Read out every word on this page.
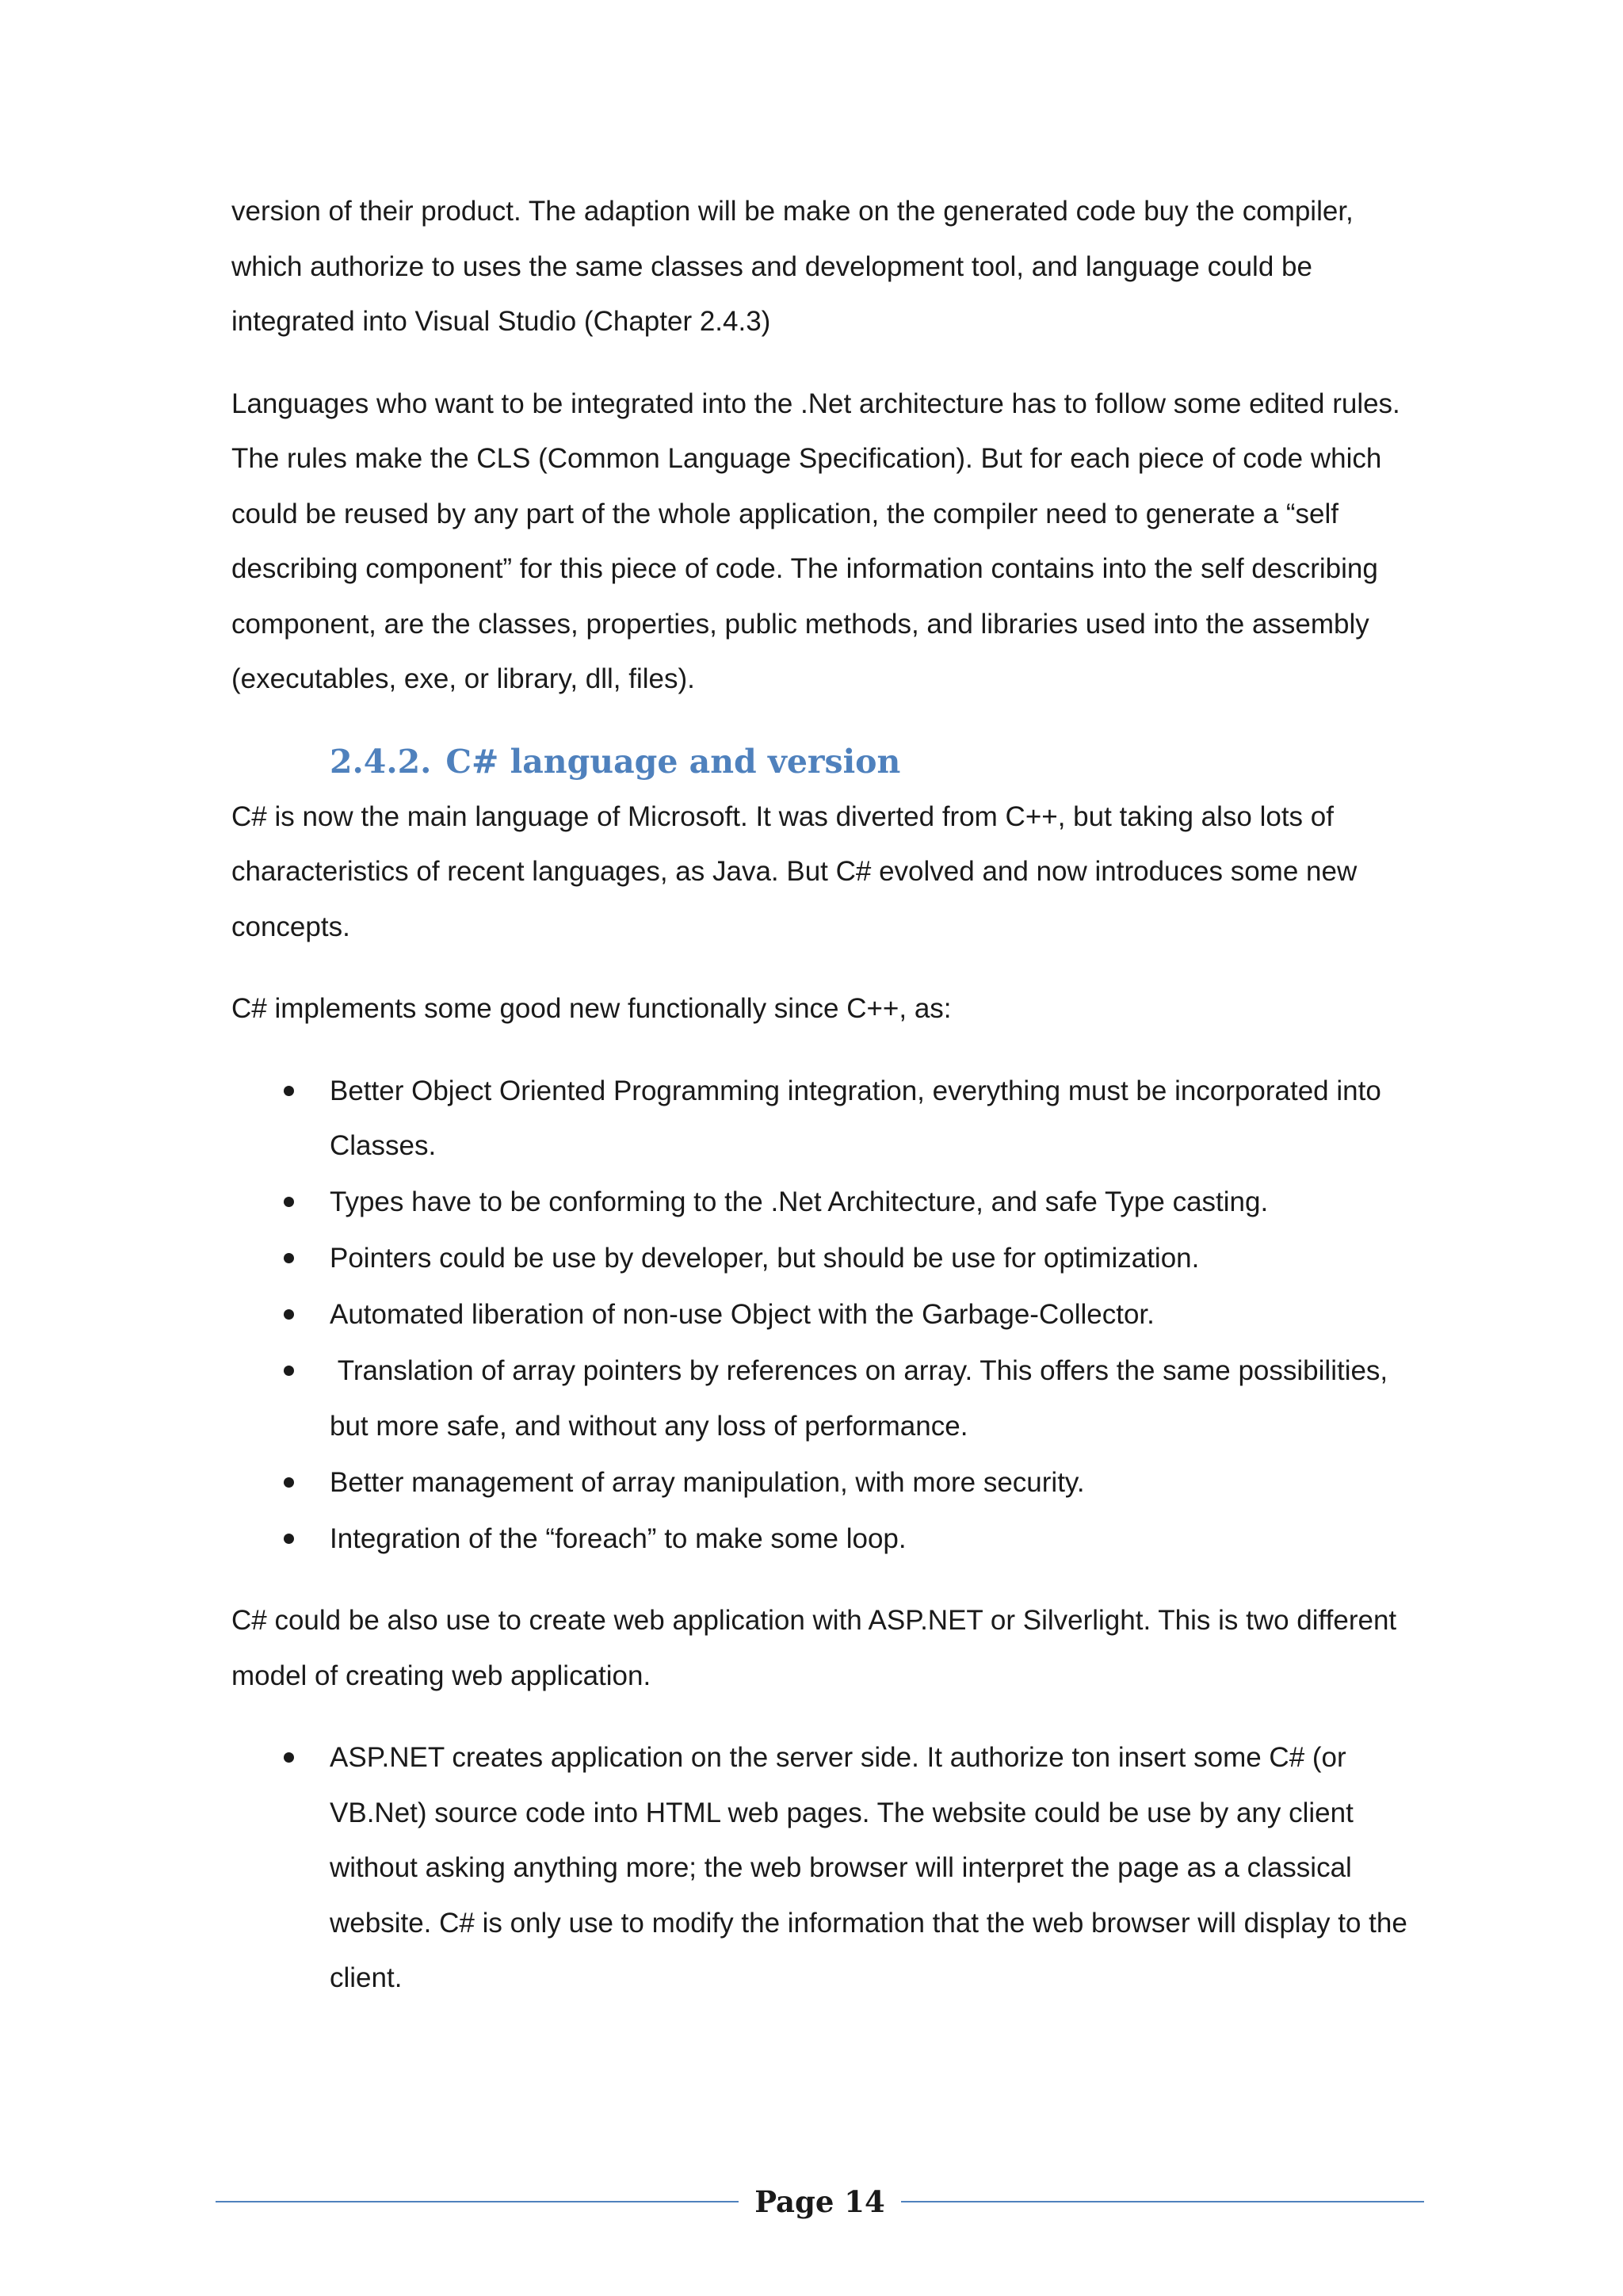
version of their product. The adaption will be make on the generated code buy the compiler, which authorize to uses the same classes and development tool, and language could be integrated into Visual Studio (Chapter 2.4.3)

Languages who want to be integrated into the .Net architecture has to follow some edited rules. The rules make the CLS (Common Language Specification). But for each piece of code which could be reused by any part of the whole application, the compiler need to generate a “self describing component” for this piece of code. The information contains into the self describing component, are the classes, properties, public methods, and libraries used into the assembly (executables, exe, or library, dll, files).

2.4.2. C# language and version

C# is now the main language of Microsoft. It was diverted from C++, but taking also lots of characteristics of recent languages, as Java. But C# evolved and now introduces some new concepts.

C# implements some good new functionally since C++, as:

Better Object Oriented Programming integration, everything must be incorporated into Classes.
Types have to be conforming to the .Net Architecture, and safe Type casting.
Pointers could be use by developer, but should be use for optimization.
Automated liberation of non-use Object with the Garbage-Collector.
Translation of array pointers by references on array. This offers the same possibilities, but more safe, and without any loss of performance.
Better management of array manipulation, with more security.
Integration of the “foreach” to make some loop.

C# could be also use to create web application with ASP.NET or Silverlight. This is two different model of creating web application.

ASP.NET creates application on the server side. It authorize ton insert some C# (or VB.Net) source code into HTML web pages. The website could be use by any client without asking anything more; the web browser will interpret the page as a classical website. C# is only use to modify the information that the web browser will display to the client.
Page 14
